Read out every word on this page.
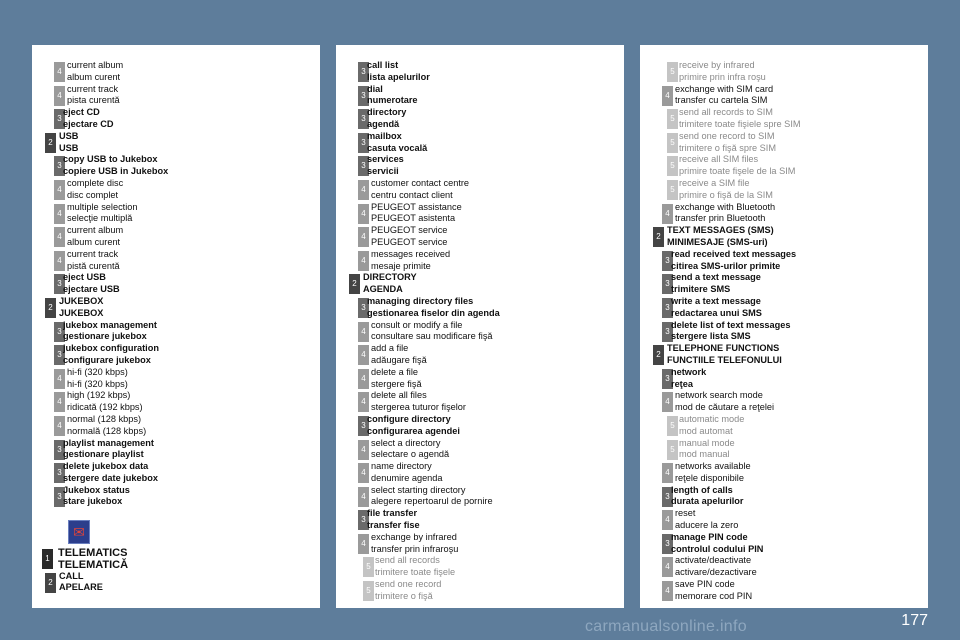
4
current album
album curent
4
current track
pista curentă
3
eject CD
ejectare CD
2
USB
USB
3
copy USB to Jukebox
copiere USB in Jukebox
4
complete disc
disc complet
4
multiple selection
selecţie multiplă
4
current album
album curent
4
current track
pistă curentă
3
eject USB
ejectare USB
2
JUKEBOX
JUKEBOX
3
jukebox management
gestionare jukebox
3
jukebox configuration
configurare jukebox
4
hi-fi (320 kbps)
hi-fi (320 kbps)
4
high (192 kbps)
ridicată (192 kbps)
4
normal (128 kbps)
normală (128 kbps)
3
playlist management
gestionare playlist
3
delete jukebox data
stergere date jukebox
3
Jukebox status
stare jukebox
✉
1 TELEMATICS
TELEMATICĂ
2
CALL
APELARE
3
call list
lista apelurilor
3
dial
numerotare
3
directory
agendă
3
mailbox
casuta vocală
3
services
servicii
4
customer contact centre
centru contact client
4
PEUGEOT assistance
PEUGEOT asistenta
4
PEUGEOT service
PEUGEOT service
4
messages received
mesaje primite
2
DIRECTORY
AGENDA
3
managing directory files
gestionarea fiselor din agenda
4
consult or modify a file
consultare sau modificare fişă
4
add a file
adăugare fişă
4
delete a file
stergere fişă
4
delete all files
stergerea tuturor fişelor
3
configure directory
configurarea agendei
4
select a directory
selectare o agendă
4
name directory
denumire agenda
4
select starting directory
alegere repertoarul de pornire
3
file transfer
transfer fise
4
exchange by infrared
transfer prin infraroşu
5
send all records
trimitere toate fişele
5
send one record
trimitere o fişă
5
receive by infrared
primire prin infra roşu
4
exchange with SIM card
transfer cu cartela SIM
5
send all records to SIM
trimitere toate fişiele spre SIM
5
send one record to SIM
trimitere o fişă spre SIM
5
receive all SIM files
primire toate fişele de la SIM
5
receive a SIM file
primire o fişă de la SIM
4
exchange with Bluetooth
transfer prin Bluetooth
2
TEXT MESSAGES (SMS)
MINIMESAJE (SMS-uri)
3
read received text messages
citirea SMS-urilor primite
3
send a text message
trimitere SMS
3
write a text message
redactarea unui SMS
3
delete list of text messages
stergere lista SMS
2
TELEPHONE FUNCTIONS
FUNCTIILE TELEFONULUI
3
network
reţea
4
network search mode
mod de căutare a reţelei
5
automatic mode
mod automat
5
manual mode
mod manual
4
networks available
reţele disponibile
3
length of calls
durata apelurilor
4
reset
aducere la zero
3
manage PIN code
controlul codului PIN
4
activate/deactivate
activare/dezactivare
4
save PIN code
memorare cod PIN
carmanualsonline.info	177
